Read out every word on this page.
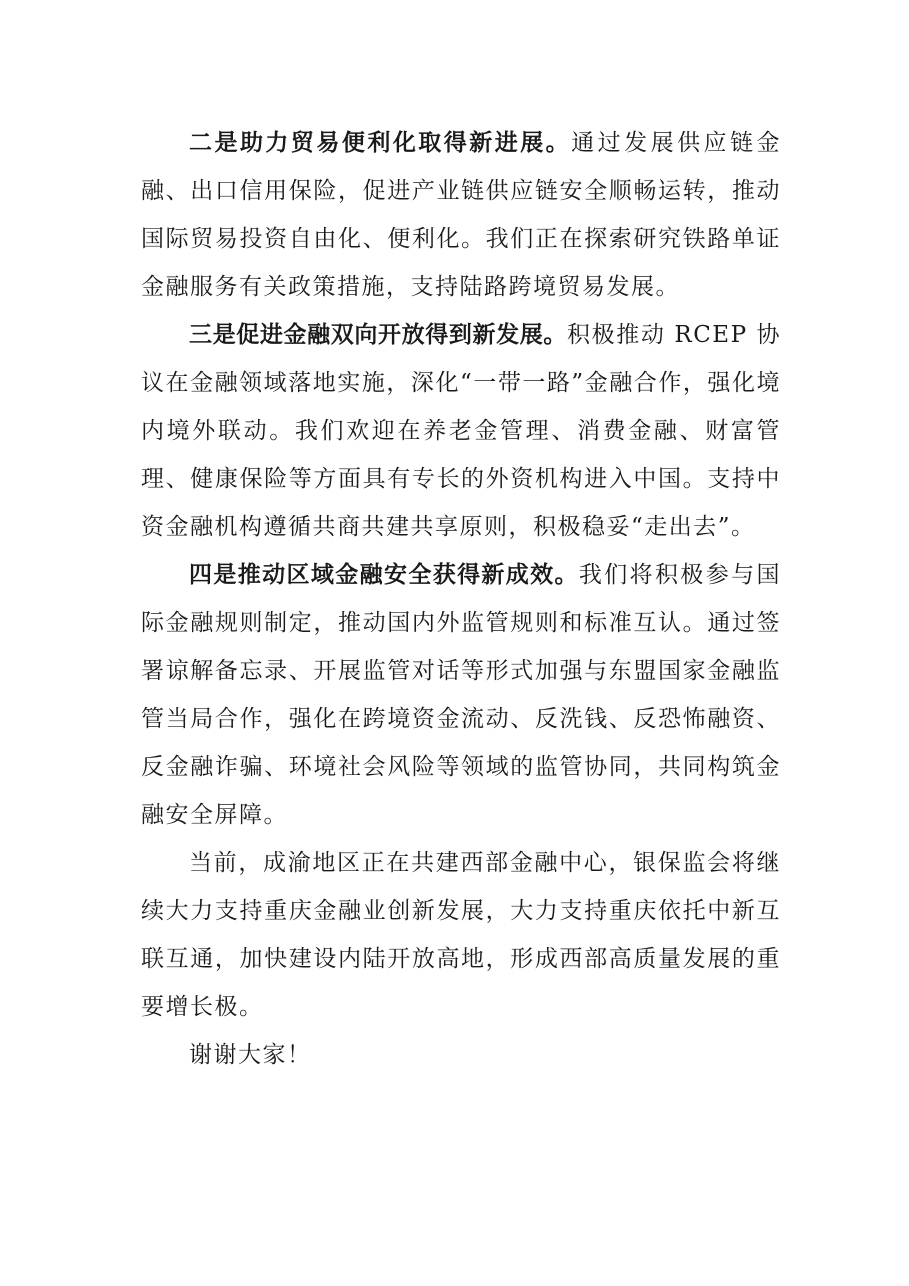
二是助力贸易便利化取得新进展。通过发展供应链金融、出口信用保险，促进产业链供应链安全顺畅运转，推动国际贸易投资自由化、便利化。我们正在探索研究铁路单证金融服务有关政策措施，支持陆路跨境贸易发展。

三是促进金融双向开放得到新发展。积极推动 RCEP 协议在金融领域落地实施，深化“一带一路”金融合作，强化境内境外联动。我们欢迎在养老金管理、消费金融、财富管理、健康保险等方面具有专长的外资机构进入中国。支持中资金融机构遵循共商共建共享原则，积极稳妥“走出去”。

四是推动区域金融安全获得新成效。我们将积极参与国际金融规则制定，推动国内外监管规则和标准互认。通过签署谅解备忘录、开展监管对话等形式加强与东盟国家金融监管当局合作，强化在跨境资金流动、反洗钱、反恐怖融资、反金融诈骗、环境社会风险等领域的监管协同，共同构筑金融安全屏障。

当前，成渝地区正在共建西部金融中心，银保监会将继续大力支持重庆金融业创新发展，大力支持重庆依托中新互联互通，加快建设内陆开放高地，形成西部高质量发展的重要增长极。

谢谢大家！
